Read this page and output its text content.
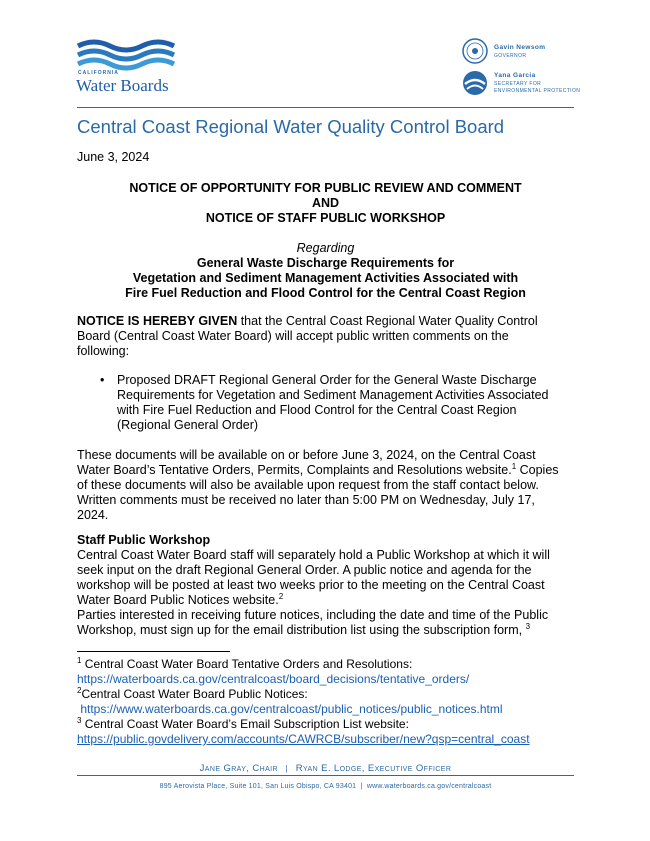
CALIFORNIA
Water Boards
Gavin Newsom
GOVERNOR
Yana Garcia
SECRETARY FOR
ENVIRONMENTAL PROTECTION
Central Coast Regional Water Quality Control Board
June 3, 2024
NOTICE OF OPPORTUNITY FOR PUBLIC REVIEW AND COMMENT
AND
NOTICE OF STAFF PUBLIC WORKSHOP
Regarding
General Waste Discharge Requirements for
Vegetation and Sediment Management Activities Associated with
Fire Fuel Reduction and Flood Control for the Central Coast Region
NOTICE IS HEREBY GIVEN that the Central Coast Regional Water Quality Control
Board (Central Coast Water Board) will accept public written comments on the
following:
• Proposed DRAFT Regional General Order for the General Waste Discharge
Requirements for Vegetation and Sediment Management Activities Associated
with Fire Fuel Reduction and Flood Control for the Central Coast Region
(Regional General Order)
These documents will be available on or before June 3, 2024, on the Central Coast
Water Board’s Tentative Orders, Permits, Complaints and Resolutions website.$^1$ Copies
of these documents will also be available upon request from the staff contact below.
Written comments must be received no later than 5:00 PM on Wednesday, July 17,
2024.
Staff Public Workshop
Central Coast Water Board staff will separately hold a Public Workshop at which it will
seek input on the draft Regional General Order. A public notice and agenda for the
workshop will be posted at least two weeks prior to the meeting on the Central Coast
Water Board Public Notices website.$^2$
Parties interested in receiving future notices, including the date and time of the Public
Workshop, must sign up for the email distribution list using the subscription form, $^3$
$^1$ Central Coast Water Board Tentative Orders and Resolutions:
https://waterboards.ca.gov/centralcoast/board_decisions/tentative_orders/
$^2$Central Coast Water Board Public Notices:
https://www.waterboards.ca.gov/centralcoast/public_notices/public_notices.html
$^3$ Central Coast Water Board’s Email Subscription List website:
https://public.govdelivery.com/accounts/CAWRCB/subscriber/new?qsp=central_coast
Jane Gray, Chair | Ryan E. Lodge, Executive Officer
895 Aerovista Place, Suite 101, San Luis Obispo, CA 93401  |  www.waterboards.ca.gov/centralcoast
